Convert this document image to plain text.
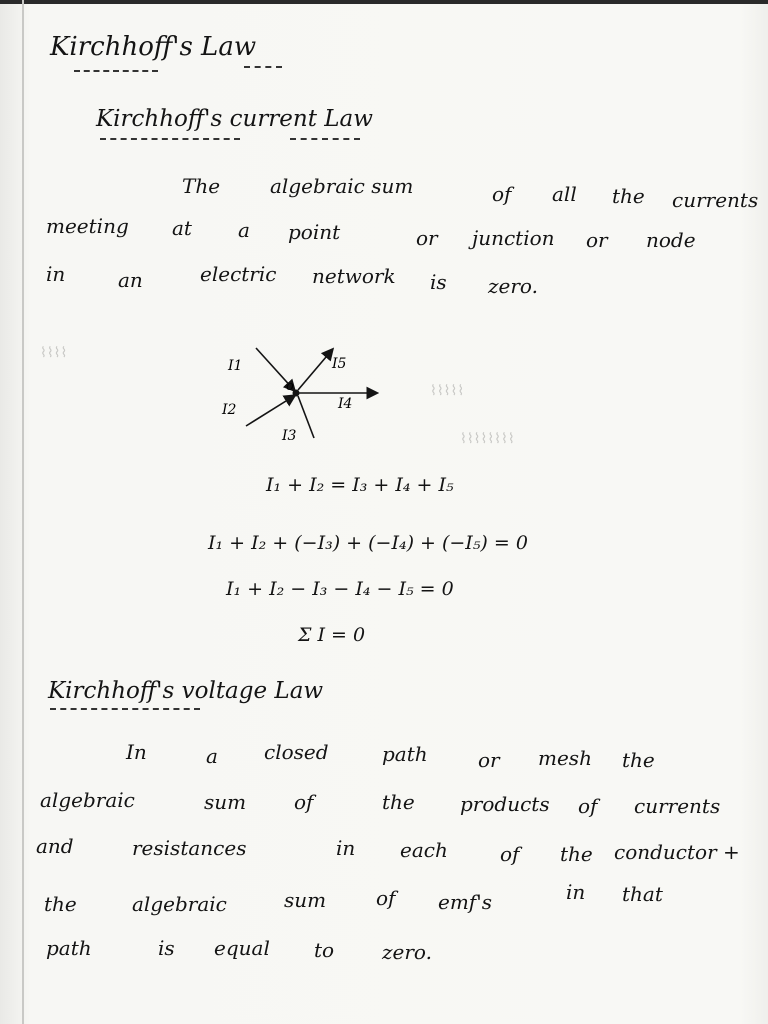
Kirchhoff's Law
Kirchhoff's current Law
The algebraic sum	of all the currents
meeting at a point	or junction or node
in	an	electric network is zero.
⌇⌇⌇⌇
⌇⌇⌇⌇⌇
⌇⌇⌇⌇⌇⌇⌇⌇
o
I1
I2
I3
I4
I5
I₁ + I₂ = I₃ + I₄ + I₅
I₁ + I₂ + (−I₃) + (−I₄) + (−I₅) = 0
I₁ + I₂ − I₃ − I₄ − I₅ = 0
Σ I = 0
Kirchhoff's voltage Law
In	a closed	path	or mesh the
algebraic	sum of	the products of currents
and	resistances	in each	of the conductor +
the	algebraic	sum of emf's	in that
path	is equal to zero.
